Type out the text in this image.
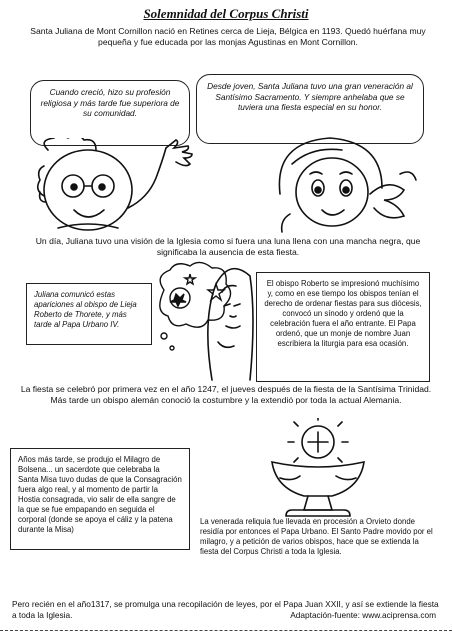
Solemnidad del Corpus Christi
Santa Juliana de Mont Cornillon nació en Retines cerca de Lieja, Bélgica en 1193. Quedó huérfana muy pequeña y fue educada por las monjas Agustinas en Mont Cornillon.
Cuando creció, hizo su profesión religiosa y más tarde fue superiora de su comunidad.
Desde joven, Santa Juliana tuvo una gran veneración al Santísimo Sacramento. Y siempre anhelaba que se tuviera una fiesta especial en su honor.
Un día, Juliana tuvo una visión de la Iglesia como si fuera una luna llena con una mancha negra, que significaba la ausencia de esta fiesta.
Juliana comunicó estas apariciones al obispo de Lieja Roberto de Thorete, y más tarde al Papa Urbano IV.
El obispo Roberto se impresionó muchísimo y, como en ese tiempo los obispos tenían el derecho de ordenar fiestas para sus diócesis, convocó un sínodo y ordenó que la celebración fuera el año entrante. El Papa ordenó, que un monje de nombre Juan escribiera la liturgia para esa ocasión.
La fiesta se celebró por primera vez en el año 1247, el jueves después de la fiesta de la Santísima Trinidad. Más tarde un obispo alemán conoció la costumbre y la extendió por toda la actual Alemania.
Años más tarde, se produjo el Milagro de Bolsena... un sacerdote que celebraba la Santa Misa tuvo dudas de que la Consagración fuera algo real, y al momento de partir la Hostia consagrada, vio salir de ella sangre de la que se fue empapando en seguida el corporal (donde se apoya el cáliz y la patena durante la Misa)
La venerada reliquia fue llevada en procesión a Orvieto donde residía por entonces el Papa Urbano. El Santo Padre movido por el milagro, y a petición de varios obispos, hace que se extienda la fiesta del Corpus Christi a toda la Iglesia.
Pero recién en el año1317, se promulga una recopilación de leyes, por el Papa Juan XXII, y así se extiende la fiesta a toda la Iglesia.	Adaptación-fuente: www.aciprensa.com
